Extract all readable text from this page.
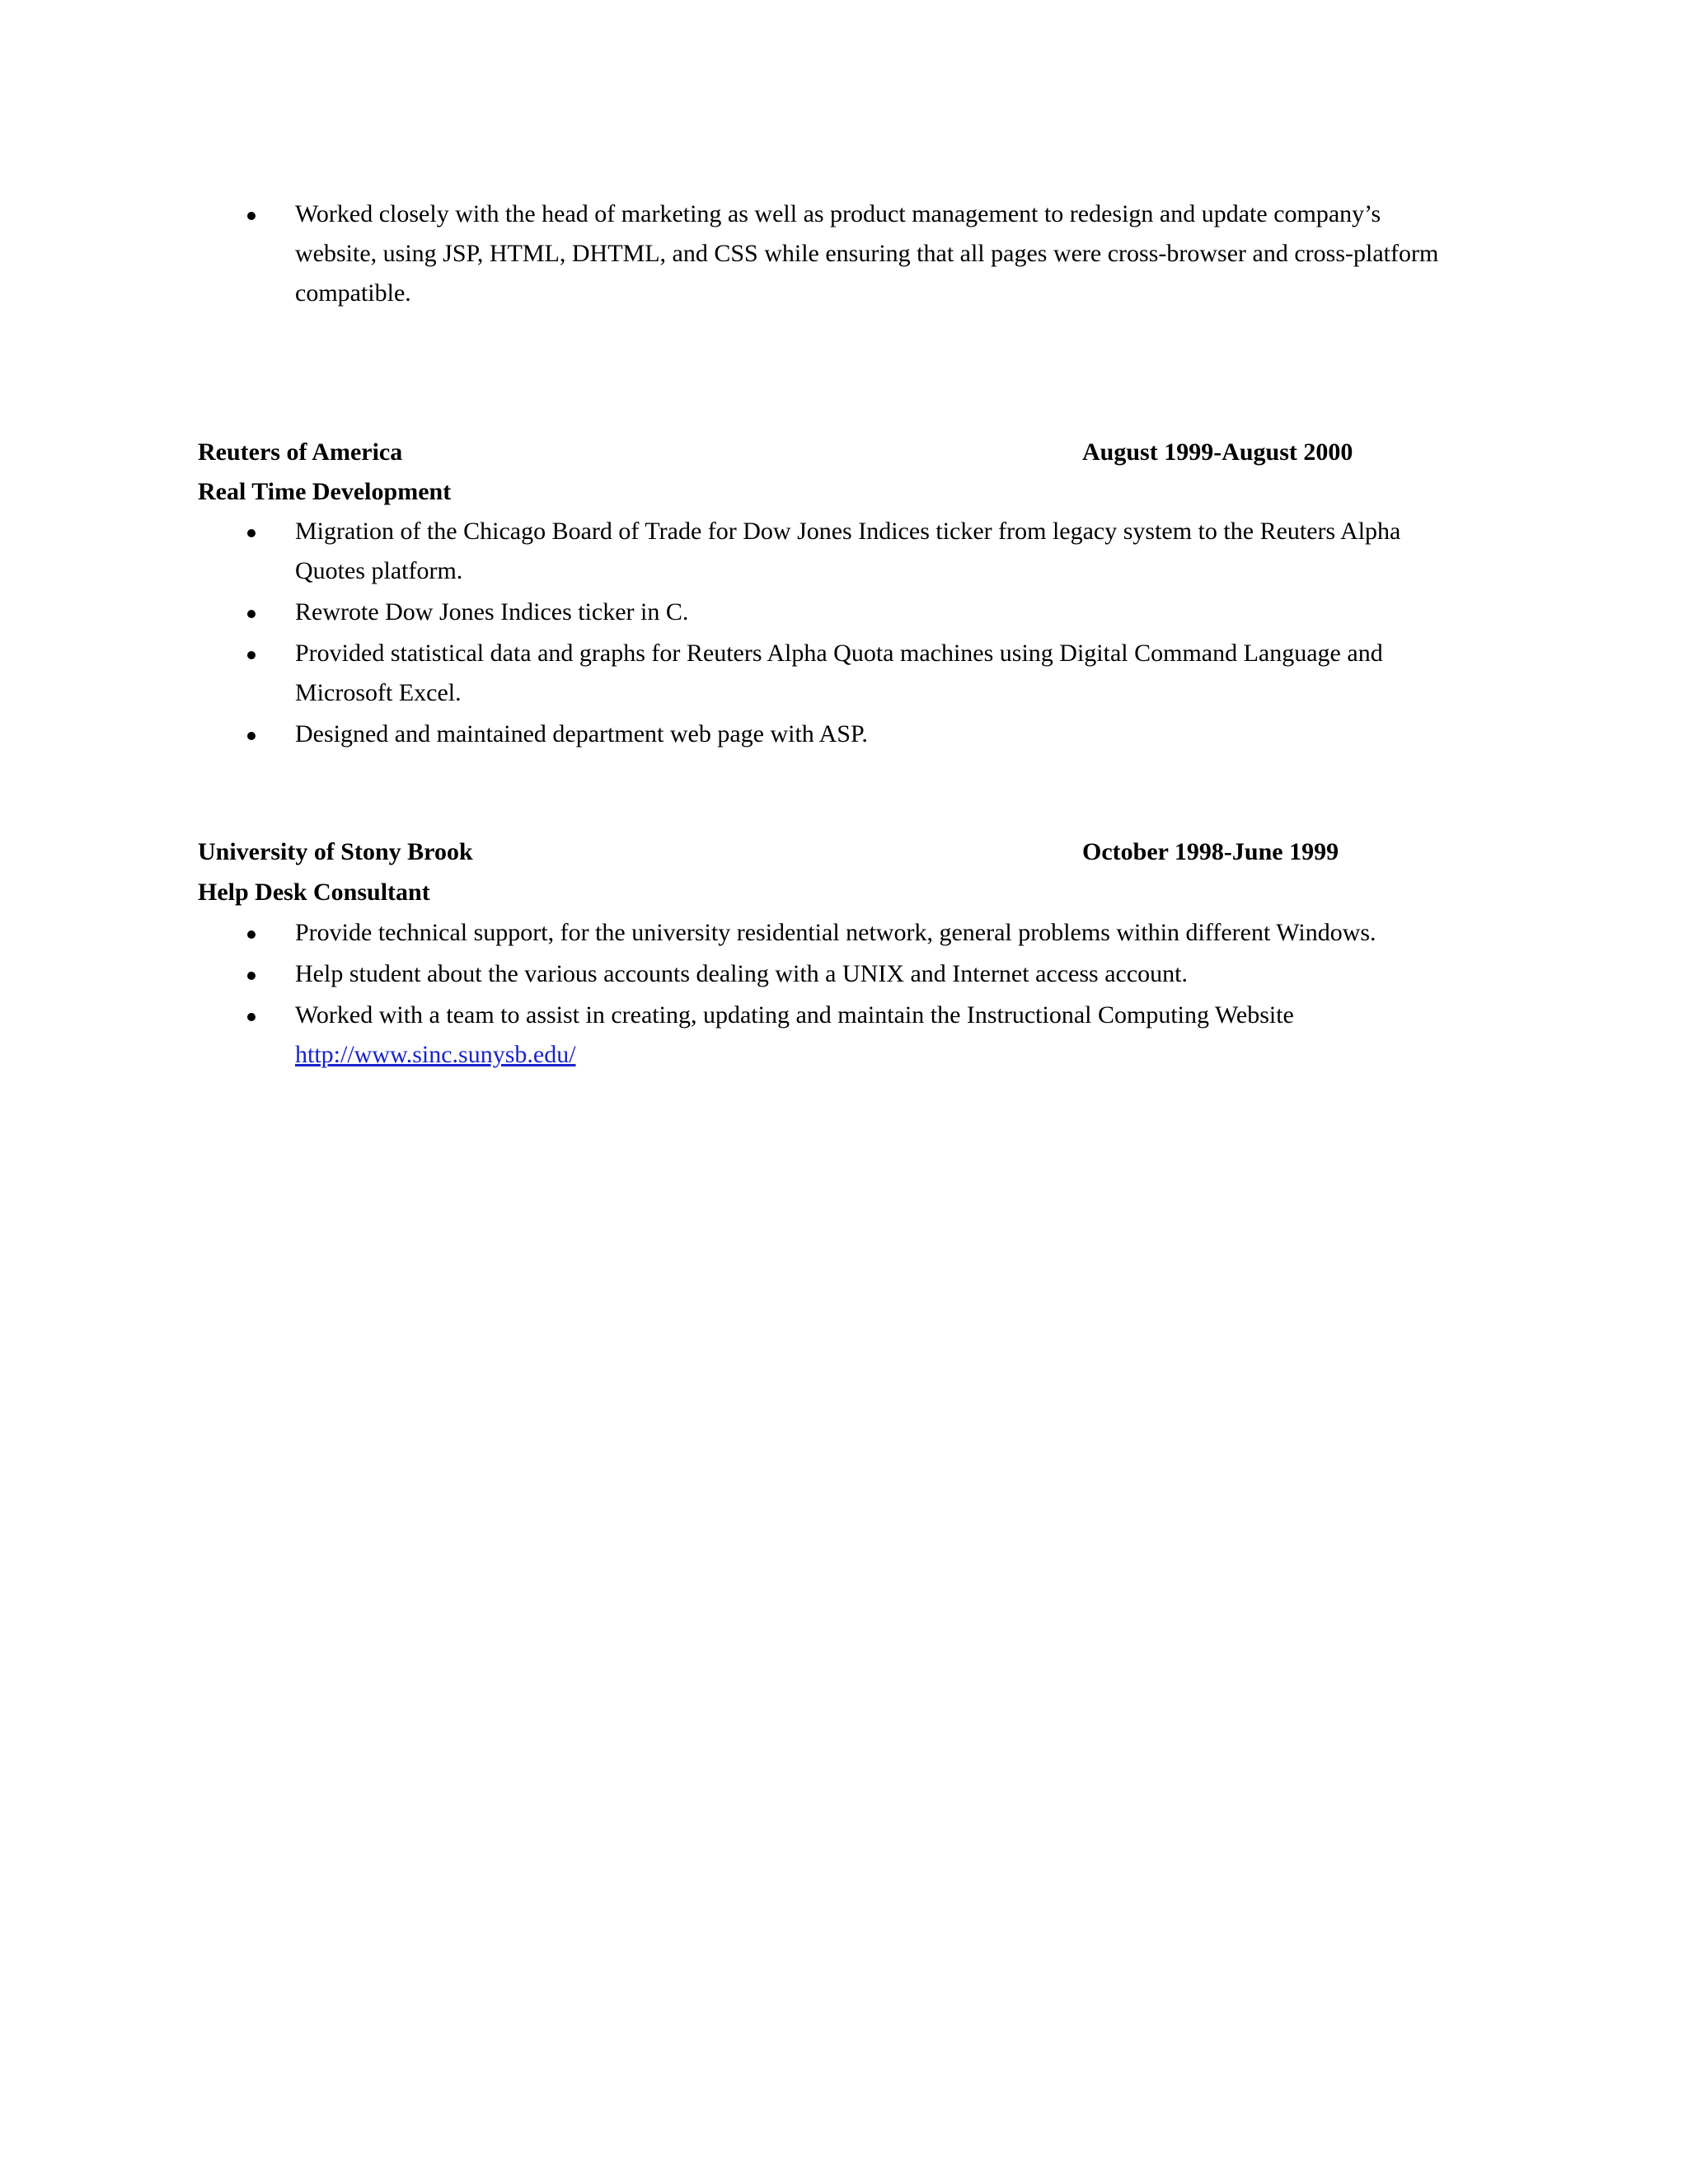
Worked closely with the head of marketing as well as product management to redesign and update company’s website, using JSP, HTML, DHTML, and CSS while ensuring that all pages were cross-browser and cross-platform compatible.
Reuters of America	August 1999-August 2000
Real Time Development
Migration of the Chicago Board of Trade for Dow Jones Indices ticker from legacy system to the Reuters Alpha Quotes platform.
Rewrote Dow Jones Indices ticker in C.
Provided statistical data and graphs for Reuters Alpha Quota machines using Digital Command Language and Microsoft Excel.
Designed and maintained department web page with ASP.
University of Stony Brook	October 1998-June 1999
Help Desk Consultant
Provide technical support, for the university residential network, general problems within different Windows.
Help student about the various accounts dealing with a UNIX and Internet access account.
Worked with a team to assist in creating, updating and maintain the Instructional Computing Website
http://www.sinc.sunysb.edu/
